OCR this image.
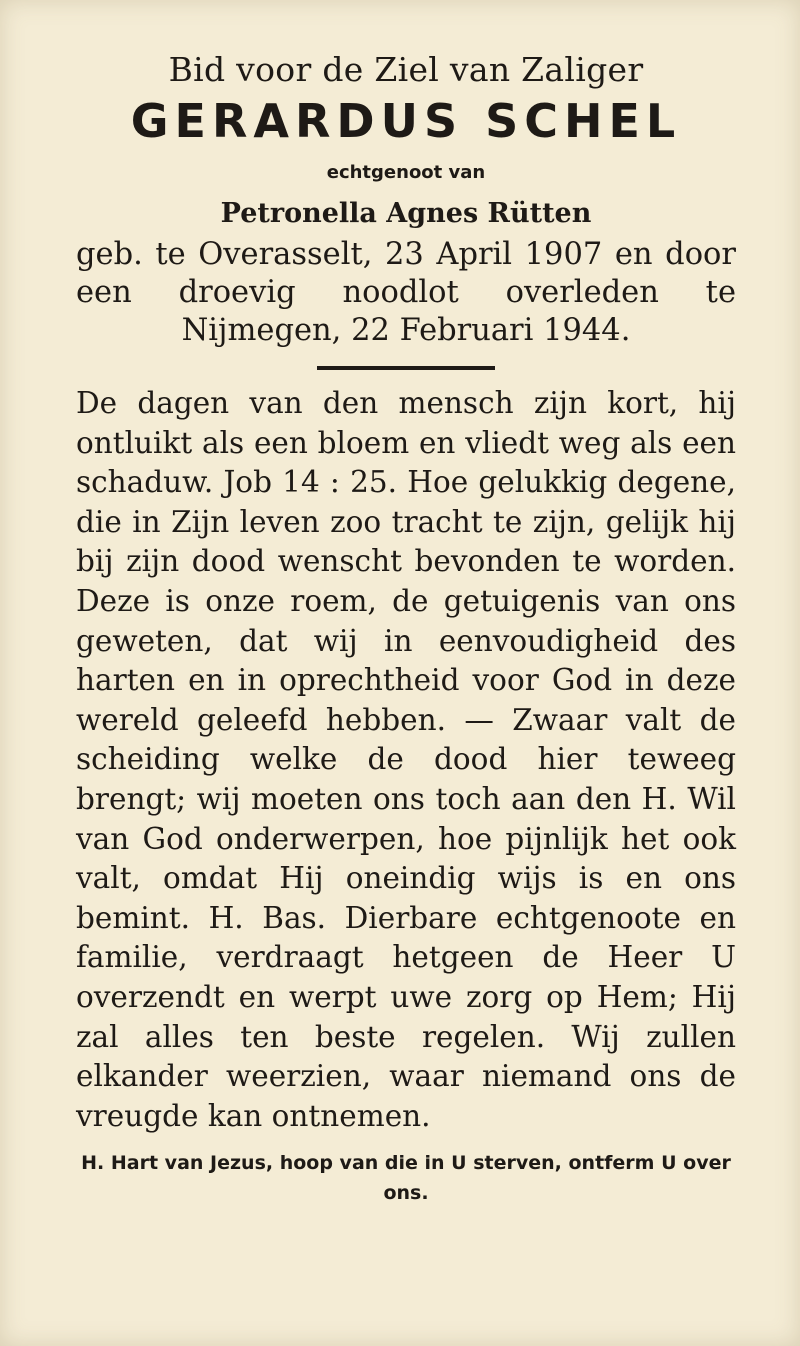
Bid voor de Ziel van Zaliger

GERARDUS SCHEL

echtgenoot van

Petronella Agnes Rütten

geb. te Overasselt, 23 April 1907 en door een droevig noodlot overleden te Nijmegen, 22 Februari 1944.

De dagen van den mensch zijn kort, hij ontluikt als een bloem en vliedt weg als een schaduw. Job 14 : 25. Hoe gelukkig degene, die in Zijn leven zoo tracht te zijn, gelijk hij bij zijn dood wenscht bevonden te worden. Deze is onze roem, de getuigenis van ons geweten, dat wij in eenvoudigheid des harten en in oprechtheid voor God in deze wereld geleefd hebben. — Zwaar valt de scheiding welke de dood hier teweeg brengt; wij moeten ons toch aan den H. Wil van God onderwerpen, hoe pijnlijk het ook valt, omdat Hij oneindig wijs is en ons bemint. H. Bas. Dierbare echtgenoote en familie, verdraagt hetgeen de Heer U overzendt en werpt uwe zorg op Hem; Hij zal alles ten beste regelen. Wij zullen elkander weerzien, waar niemand ons de vreugde kan ontnemen.

H. Hart van Jezus, hoop van die in U sterven, ontferm U over ons.
